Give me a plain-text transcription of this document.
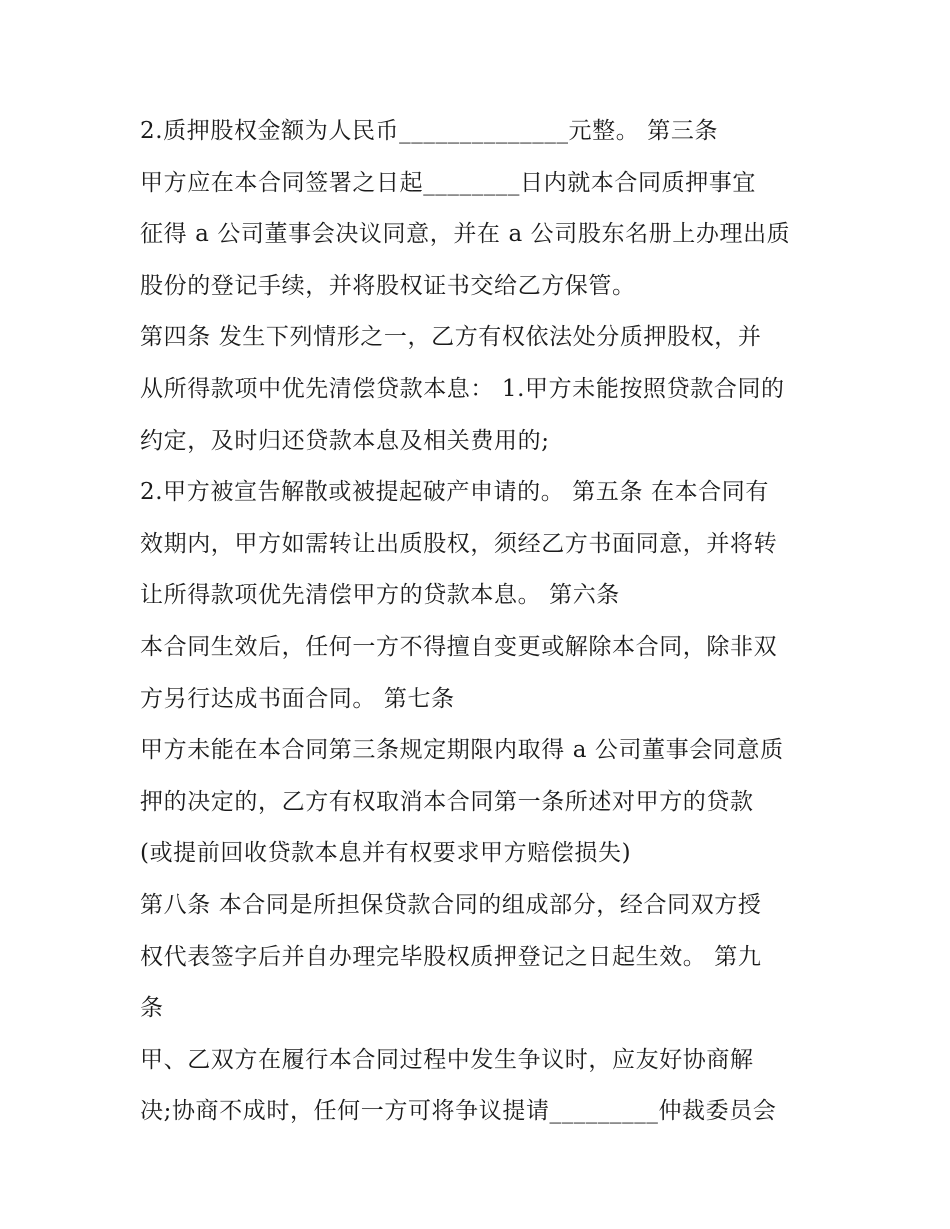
2.质押股权金额为人民币______________元整。 第三条
甲方应在本合同签署之日起________日内就本合同质押事宜
征得 a 公司董事会决议同意，并在 a 公司股东名册上办理出质
股份的登记手续，并将股权证书交给乙方保管。
第四条 发生下列情形之一，乙方有权依法处分质押股权，并
从所得款项中优先清偿贷款本息： 1.甲方未能按照贷款合同的
约定，及时归还贷款本息及相关费用的;
2.甲方被宣告解散或被提起破产申请的。 第五条 在本合同有
效期内，甲方如需转让出质股权，须经乙方书面同意，并将转
让所得款项优先清偿甲方的贷款本息。 第六条
本合同生效后，任何一方不得擅自变更或解除本合同，除非双
方另行达成书面合同。 第七条
甲方未能在本合同第三条规定期限内取得 a 公司董事会同意质
押的决定的，乙方有权取消本合同第一条所述对甲方的贷款
(或提前回收贷款本息并有权要求甲方赔偿损失)
第八条 本合同是所担保贷款合同的组成部分，经合同双方授
权代表签字后并自办理完毕股权质押登记之日起生效。 第九
条
甲、乙双方在履行本合同过程中发生争议时，应友好协商解
决;协商不成时，任何一方可将争议提请_________仲裁委员会
